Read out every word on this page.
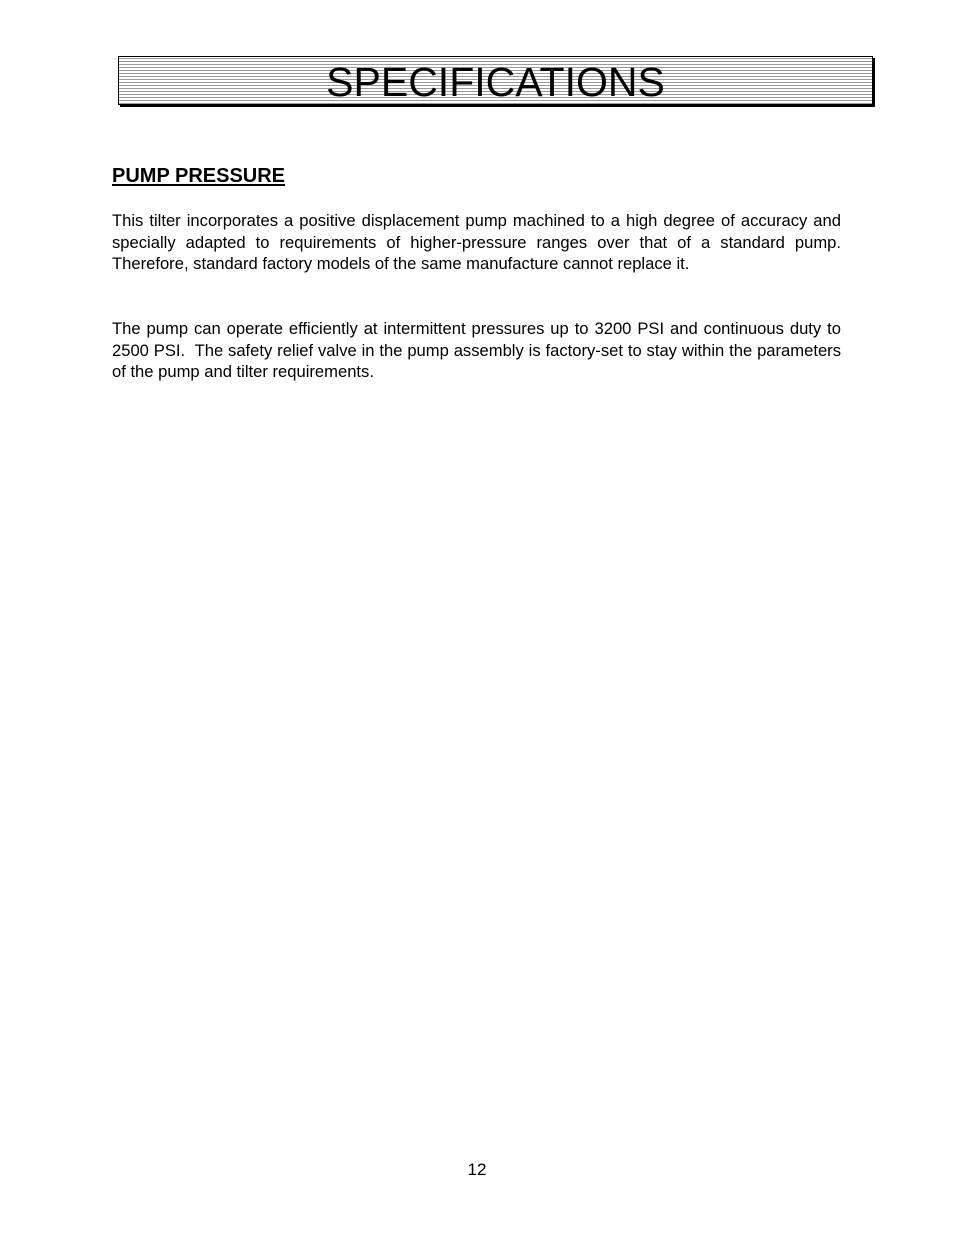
SPECIFICATIONS
PUMP PRESSURE

This tilter incorporates a positive displacement pump machined to a high degree of accuracy and specially adapted to requirements of higher-pressure ranges over that of a standard pump.  Therefore, standard factory models of the same manufacture cannot replace it.

The pump can operate efficiently at intermittent pressures up to 3200 PSI and continuous duty to 2500 PSI.  The safety relief valve in the pump assembly is factory-set to stay within the parameters of the pump and tilter requirements.

12
